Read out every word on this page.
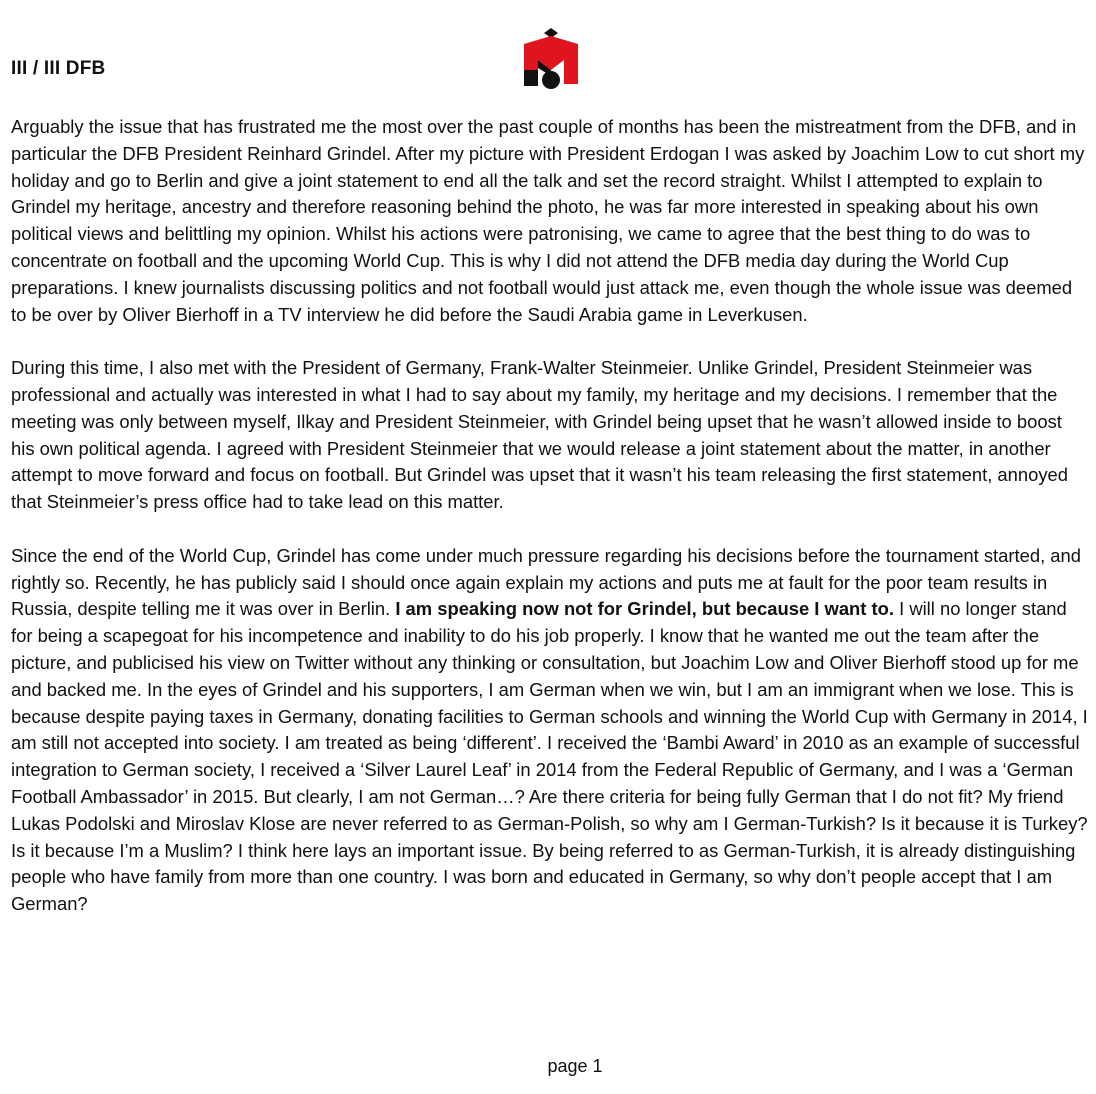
III / III DFB

Arguably the issue that has frustrated me the most over the past couple of months has been the mistreatment from the DFB, and in particular the DFB President Reinhard Grindel. After my picture with President Erdogan I was asked by Joachim Low to cut short my holiday and go to Berlin and give a joint statement to end all the talk and set the record straight. Whilst I attempted to explain to Grindel my heritage, ancestry and therefore reasoning behind the photo, he was far more interested in speaking about his own political views and belittling my opinion. Whilst his actions were patronising, we came to agree that the best thing to do was to concentrate on football and the upcoming World Cup. This is why I did not attend the DFB media day during the World Cup preparations. I knew journalists discussing politics and not football would just attack me, even though the whole issue was deemed to be over by Oliver Bierhoff in a TV interview he did before the Saudi Arabia game in Leverkusen.

During this time, I also met with the President of Germany, Frank-Walter Steinmeier. Unlike Grindel, President Steinmeier was professional and actually was interested in what I had to say about my family, my heritage and my decisions. I remember that the meeting was only between myself, Ilkay and President Steinmeier, with Grindel being upset that he wasn’t allowed inside to boost his own political agenda. I agreed with President Steinmeier that we would release a joint statement about the matter, in another attempt to move forward and focus on football. But Grindel was upset that it wasn’t his team releasing the first statement, annoyed that Steinmeier’s press office had to take lead on this matter.

Since the end of the World Cup, Grindel has come under much pressure regarding his decisions before the tournament started, and rightly so. Recently, he has publicly said I should once again explain my actions and puts me at fault for the poor team results in Russia, despite telling me it was over in Berlin. I am speaking now not for Grindel, but because I want to. I will no longer stand for being a scapegoat for his incompetence and inability to do his job properly. I know that he wanted me out the team after the picture, and publicised his view on Twitter without any thinking or consultation, but Joachim Low and Oliver Bierhoff stood up for me and backed me. In the eyes of Grindel and his supporters, I am German when we win, but I am an immigrant when we lose. This is because despite paying taxes in Germany, donating facilities to German schools and winning the World Cup with Germany in 2014, I am still not accepted into society. I am treated as being ‘different’. I received the ‘Bambi Award’ in 2010 as an example of successful integration to German society, I received a ‘Silver Laurel Leaf’ in 2014 from the Federal Republic of Germany, and I was a ‘German Football Ambassador’ in 2015. But clearly, I am not German…? Are there criteria for being fully German that I do not fit? My friend Lukas Podolski and Miroslav Klose are never referred to as German-Polish, so why am I German-Turkish? Is it because it is Turkey? Is it because I’m a Muslim? I think here lays an important issue. By being referred to as German-Turkish, it is already distinguishing people who have family from more than one country. I was born and educated in Germany, so why don’t people accept that I am German?

page 1
